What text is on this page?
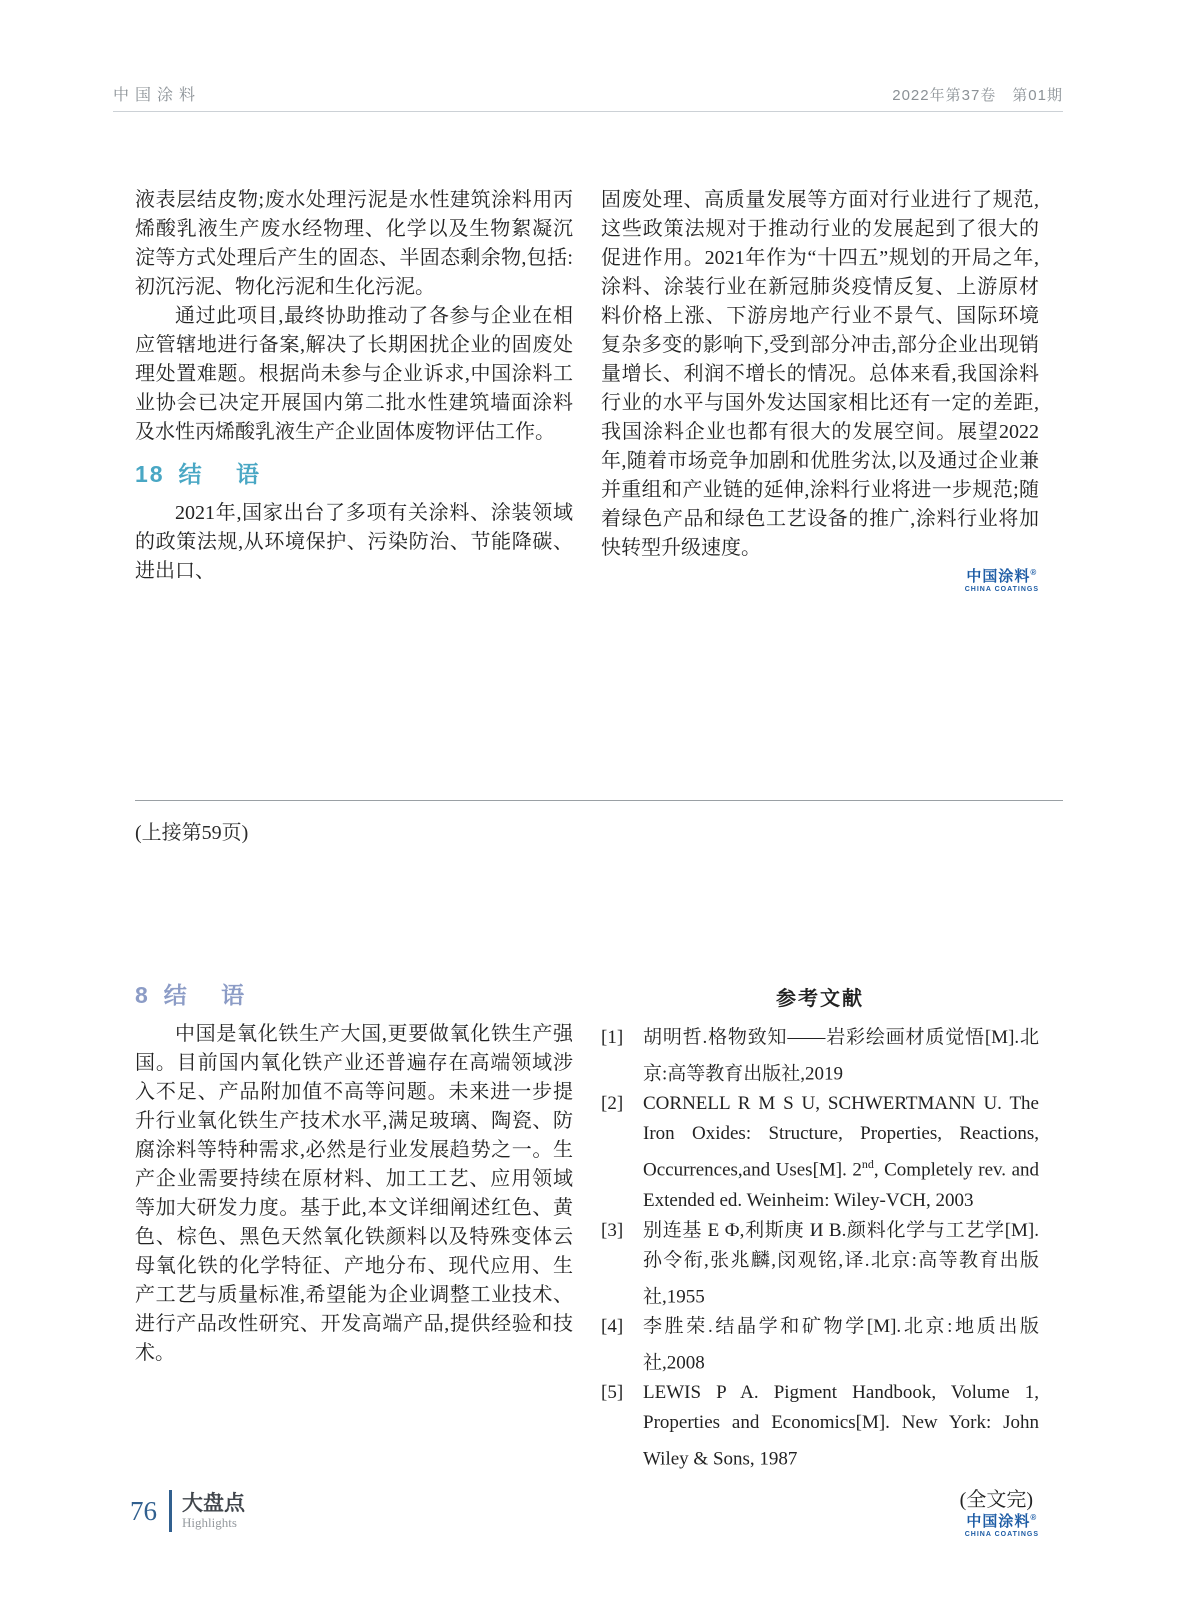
中国涂料	2022年第37卷　第01期

液表层结皮物;废水处理污泥是水性建筑涂料用丙烯酸乳液生产废水经物理、化学以及生物絮凝沉淀等方式处理后产生的固态、半固态剩余物,包括:初沉污泥、物化污泥和生化污泥。

通过此项目,最终协助推动了各参与企业在相应管辖地进行备案,解决了长期困扰企业的固废处理处置难题。根据尚未参与企业诉求,中国涂料工业协会已决定开展国内第二批水性建筑墙面涂料及水性丙烯酸乳液生产企业固体废物评估工作。

18 结 语

2021年,国家出台了多项有关涂料、涂装领域的政策法规,从环境保护、污染防治、节能降碳、进出口、

固废处理、高质量发展等方面对行业进行了规范,这些政策法规对于推动行业的发展起到了很大的促进作用。2021年作为“十四五”规划的开局之年,涂料、涂装行业在新冠肺炎疫情反复、上游原材料价格上涨、下游房地产行业不景气、国际环境复杂多变的影响下,受到部分冲击,部分企业出现销量增长、利润不增长的情况。总体来看,我国涂料行业的水平与国外发达国家相比还有一定的差距,我国涂料企业也都有很大的发展空间。展望2022年,随着市场竞争加剧和优胜劣汰,以及通过企业兼并重组和产业链的延伸,涂料行业将进一步规范;随着绿色产品和绿色工艺设备的推广,涂料行业将加快转型升级速度。

中国涂料®
CHINA COATINGS
(上接第59页)
8 结 语

中国是氧化铁生产大国,更要做氧化铁生产强国。目前国内氧化铁产业还普遍存在高端领域涉入不足、产品附加值不高等问题。未来进一步提升行业氧化铁生产技术水平,满足玻璃、陶瓷、防腐涂料等特种需求,必然是行业发展趋势之一。生产企业需要持续在原材料、加工工艺、应用领域等加大研发力度。基于此,本文详细阐述红色、黄色、棕色、黑色天然氧化铁颜料以及特殊变体云母氧化铁的化学特征、产地分布、现代应用、生产工艺与质量标准,希望能为企业调整工业技术、进行产品改性研究、开发高端产品,提供经验和技术。

参考文献
[1]	胡明哲.格物致知——岩彩绘画材质觉悟[M].北京:高等教育出版社,2019
[2]	CORNELL R M S U, SCHWERTMANN U. The Iron Oxides: Structure, Properties, Reactions, Occurrences,and Uses[M]. 2nd, Completely rev. and Extended ed. Weinheim: Wiley-VCH, 2003
[3]	别连基 Е Ф,利斯庚 И В.颜料化学与工艺学[M].孙令衔,张兆麟,闵观铭,译.北京:高等教育出版社,1955
[4]	李胜荣.结晶学和矿物学[M].北京:地质出版社,2008
[5]	LEWIS P A. Pigment Handbook, Volume 1, Properties and Economics[M]. New York: John Wiley & Sons, 1987
(全文完)
中国涂料®
CHINA COATINGS
76 大盘点
Highlights
